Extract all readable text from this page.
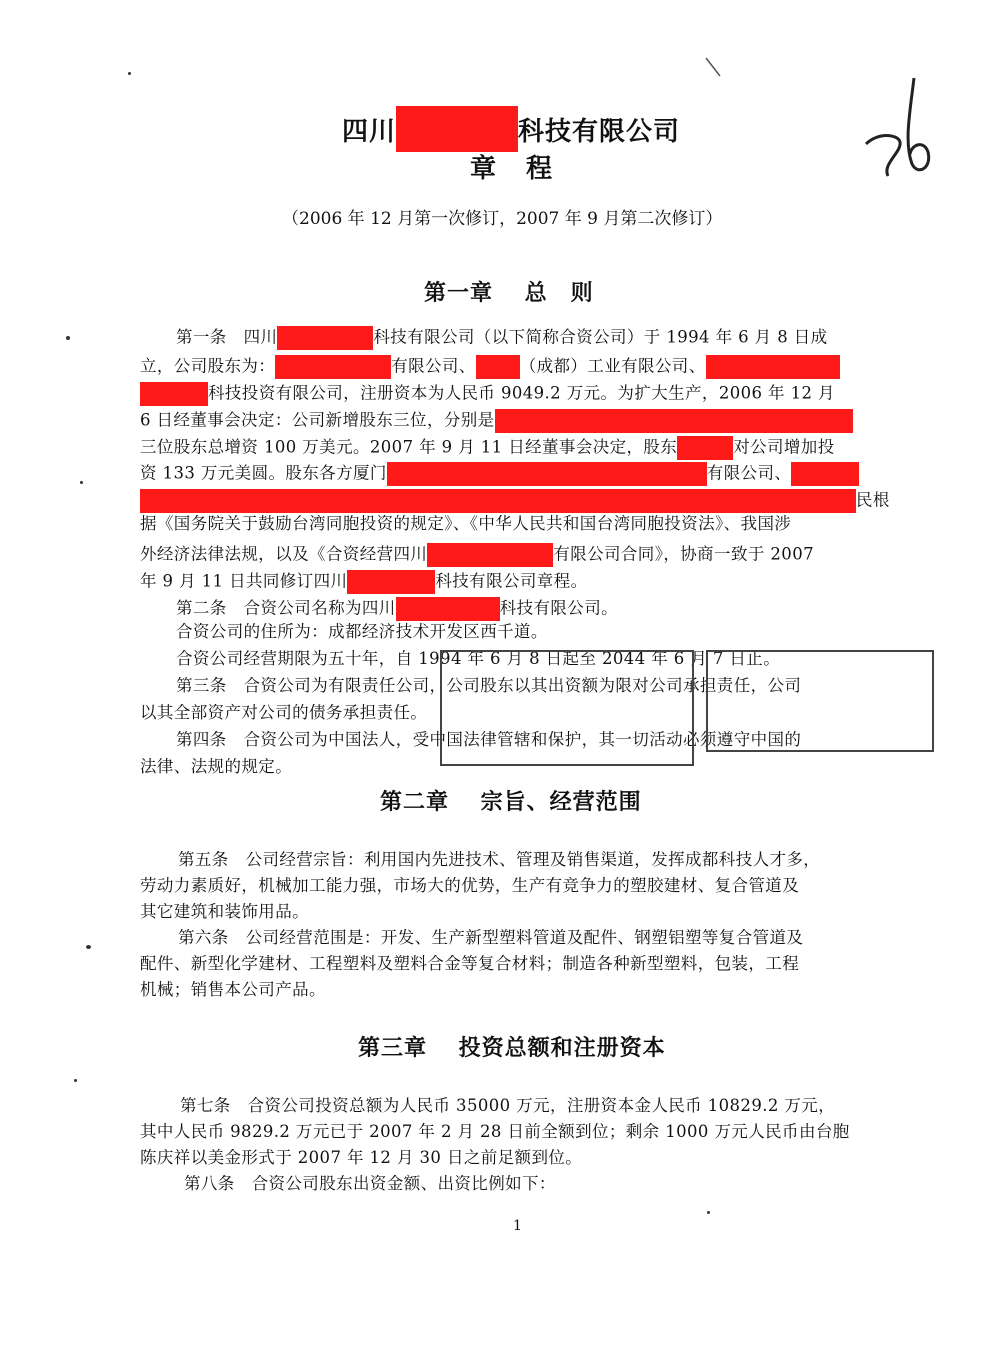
四川	科技有限公司
章 程
（2006 年 12 月第一次修订，2007 年 9 月第二次修订）
第一章　 总　则
第一条　四川	科技有限公司（以下简称合资公司）于 1994 年 6 月 8 日成
立，公司股东为：	有限公司、	（成都）工业有限公司、
科技投资有限公司，注册资本为人民币 9049.2 万元。为扩大生产，2006 年 12 月
6 日经董事会决定：公司新增股东三位，分别是
三位股东总增资 100 万美元。2007 年 9 月 11 日经董事会决定，股东	对公司增加投
资 133 万元美圆。股东各方厦门	有限公司、
民根
据《国务院关于鼓励台湾同胞投资的规定》、《中华人民共和国台湾同胞投资法》、我国涉
外经济法律法规，以及《合资经营四川	有限公司合同》，协商一致于 2007
年 9 月 11 日共同修订四川	科技有限公司章程。
第二条　合资公司名称为四川	科技有限公司。
合资公司的住所为：成都经济技术开发区西千道。
合资公司经营期限为五十年，自 1994 年 6 月 8 日起至 2044 年 6 月 7 日止。
第三条　合资公司为有限责任公司，公司股东以其出资额为限对公司承担责任，公司
以其全部资产对公司的债务承担责任。
第四条　合资公司为中国法人，受中国法律管辖和保护，其一切活动必须遵守中国的
法律、法规的规定。
第二章　 宗旨、经营范围
第五条　公司经营宗旨：利用国内先进技术、管理及销售渠道，发挥成都科技人才多，
劳动力素质好，机械加工能力强，市场大的优势，生产有竞争力的塑胶建材、复合管道及
其它建筑和装饰用品。
第六条　公司经营范围是：开发、生产新型塑料管道及配件、钢塑铝塑等复合管道及
配件、新型化学建材、工程塑料及塑料合金等复合材料；制造各种新型塑料，包装，工程
机械；销售本公司产品。
第三章　 投资总额和注册资本
第七条　合资公司投资总额为人民币 35000 万元，注册资本金人民币 10829.2 万元，
其中人民币 9829.2 万元已于 2007 年 2 月 28 日前全额到位；剩余 1000 万元人民币由台胞
陈庆祥以美金形式于 2007 年 12 月 30 日之前足额到位。
第八条　合资公司股东出资金额、出资比例如下：
1
